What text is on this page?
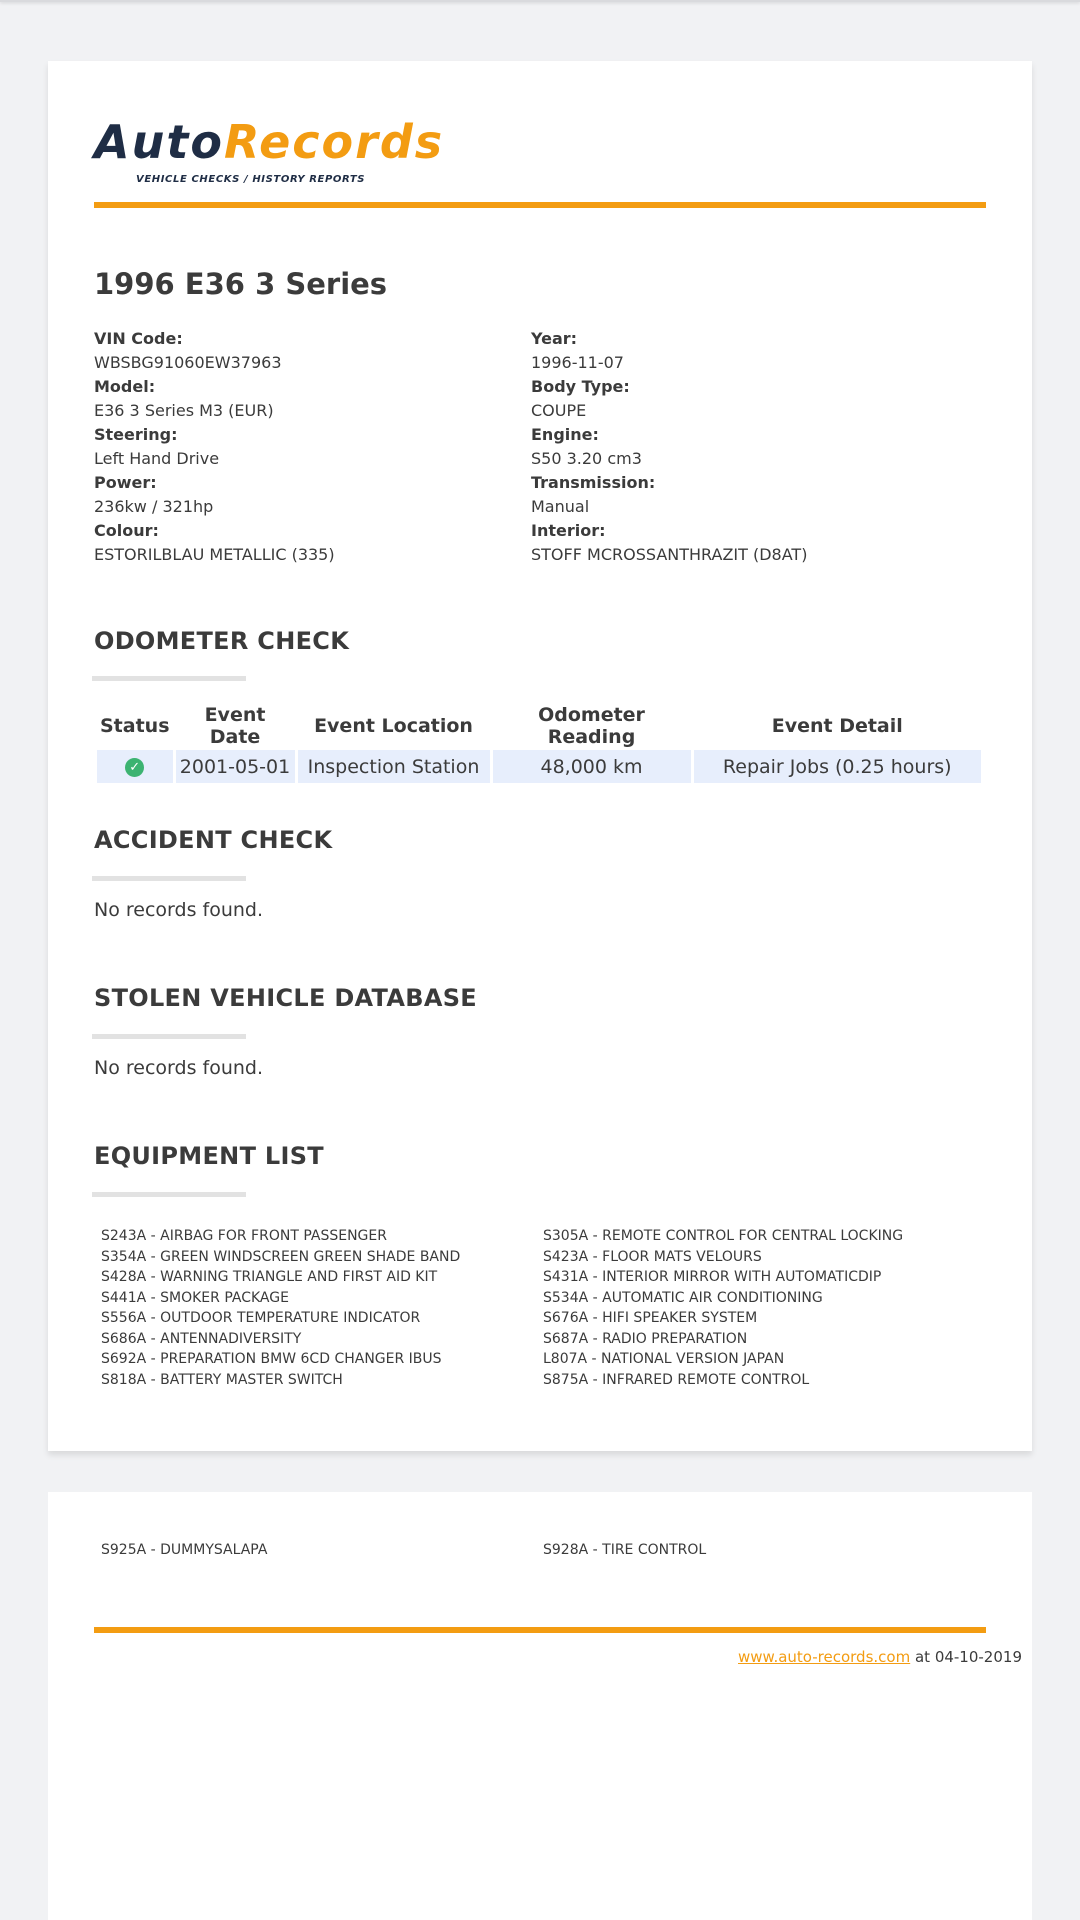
AutoRecords
VEHICLE CHECKS / HISTORY REPORTS
1996 E36 3 Series
VIN Code:
WBSBG91060EW37963
Model:
E36 3 Series M3 (EUR)
Steering:
Left Hand Drive
Power:
236kw / 321hp
Colour:
ESTORILBLAU METALLIC (335)
Year:
1996-11-07
Body Type:
COUPE
Engine:
S50 3.20 cm3
Transmission:
Manual
Interior:
STOFF MCROSSANTHRAZIT (D8AT)
ODOMETER CHECK
Status	Event Date	Event Location	Odometer Reading	Event Detail
✓	2001-05-01	Inspection Station	48,000 km	Repair Jobs (0.25 hours)
ACCIDENT CHECK
No records found.
STOLEN VEHICLE DATABASE
No records found.
EQUIPMENT LIST
S243A - AIRBAG FOR FRONT PASSENGER
S354A - GREEN WINDSCREEN GREEN SHADE BAND
S428A - WARNING TRIANGLE AND FIRST AID KIT
S441A - SMOKER PACKAGE
S556A - OUTDOOR TEMPERATURE INDICATOR
S686A - ANTENNADIVERSITY
S692A - PREPARATION BMW 6CD CHANGER IBUS
S818A - BATTERY MASTER SWITCH
S305A - REMOTE CONTROL FOR CENTRAL LOCKING
S423A - FLOOR MATS VELOURS
S431A - INTERIOR MIRROR WITH AUTOMATICDIP
S534A - AUTOMATIC AIR CONDITIONING
S676A - HIFI SPEAKER SYSTEM
S687A - RADIO PREPARATION
L807A - NATIONAL VERSION JAPAN
S875A - INFRARED REMOTE CONTROL
S925A - DUMMYSALAPA	S928A - TIRE CONTROL
www.auto-records.com at 04-10-2019
